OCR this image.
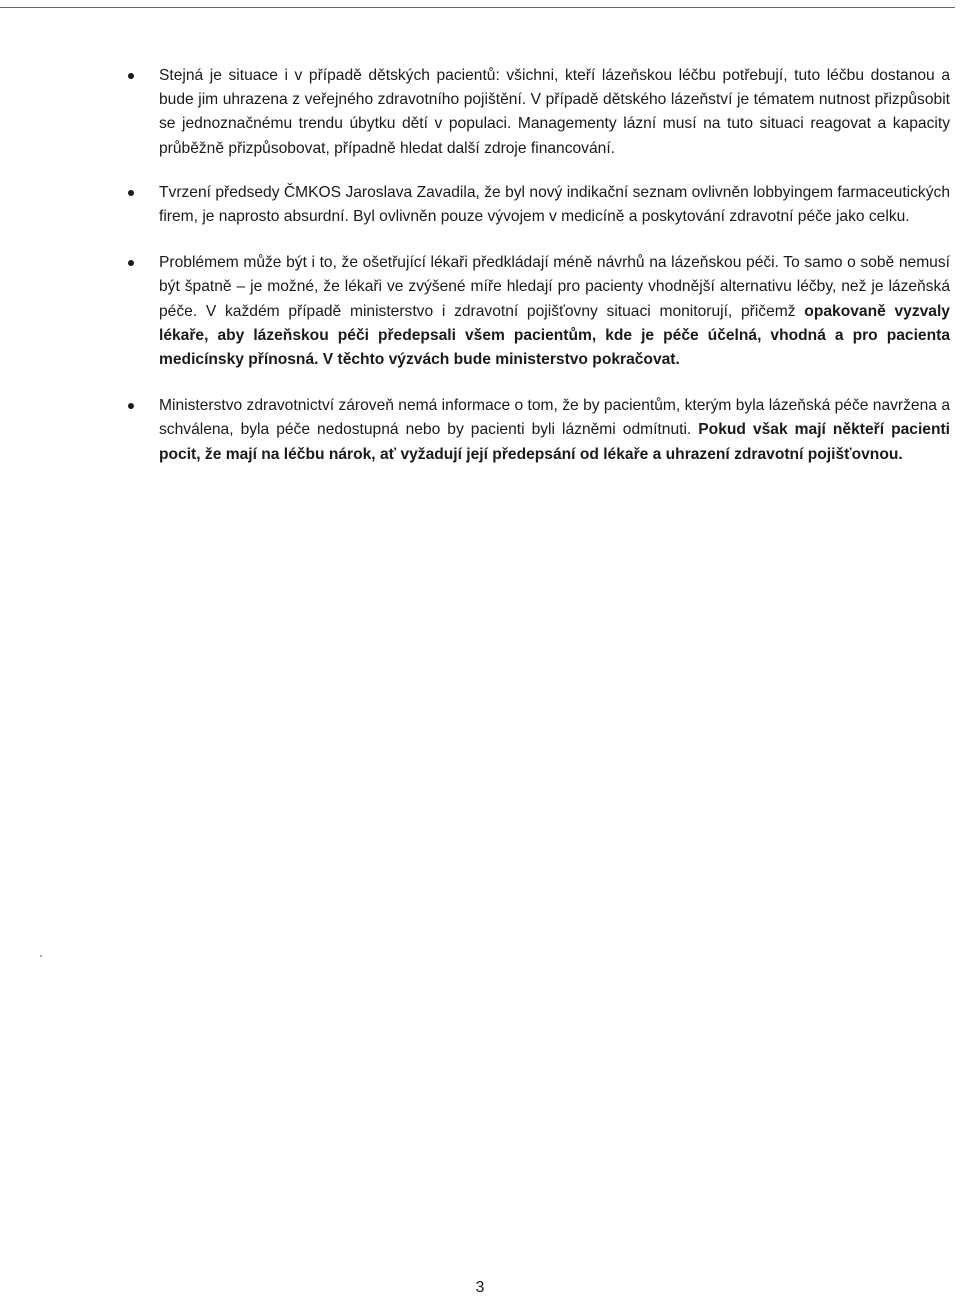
Stejná je situace i v případě dětských pacientů: všichni, kteří lázeňskou léčbu potřebují, tuto léčbu dostanou a bude jim uhrazena z veřejného zdravotního pojištění. V případě dětského lázeňství je tématem nutnost přizpůsobit se jednoznačnému trendu úbytku dětí v populaci. Managementy lázní musí na tuto situaci reagovat a kapacity průběžně přizpůsobovat, případně hledat další zdroje financování.
Tvrzení předsedy ČMKOS Jaroslava Zavadila, že byl nový indikační seznam ovlivněn lobbyingem farmaceutických firem, je naprosto absurdní. Byl ovlivněn pouze vývojem v medicíně a poskytování zdravotní péče jako celku.
Problémem může být i to, že ošetřující lékaři předkládají méně návrhů na lázeňskou péči. To samo o sobě nemusí být špatně – je možné, že lékaři ve zvýšené míře hledají pro pacienty vhodnější alternativu léčby, než je lázeňská péče. V každém případě ministerstvo i zdravotní pojišťovny situaci monitorují, přičemž opakovaně vyzvaly lékaře, aby lázeňskou péči předepsali všem pacientům, kde je péče účelná, vhodná a pro pacienta medicínsky přínosná. V těchto výzvách bude ministerstvo pokračovat.
Ministerstvo zdravotnictví zároveň nemá informace o tom, že by pacientům, kterým byla lázeňská péče navržena a schválena, byla péče nedostupná nebo by pacienti byli lázněmi odmítnuti. Pokud však mají někteří pacienti pocit, že mají na léčbu nárok, ať vyžadují její předepsání od lékaře a uhrazení zdravotní pojišťovnou.
3
